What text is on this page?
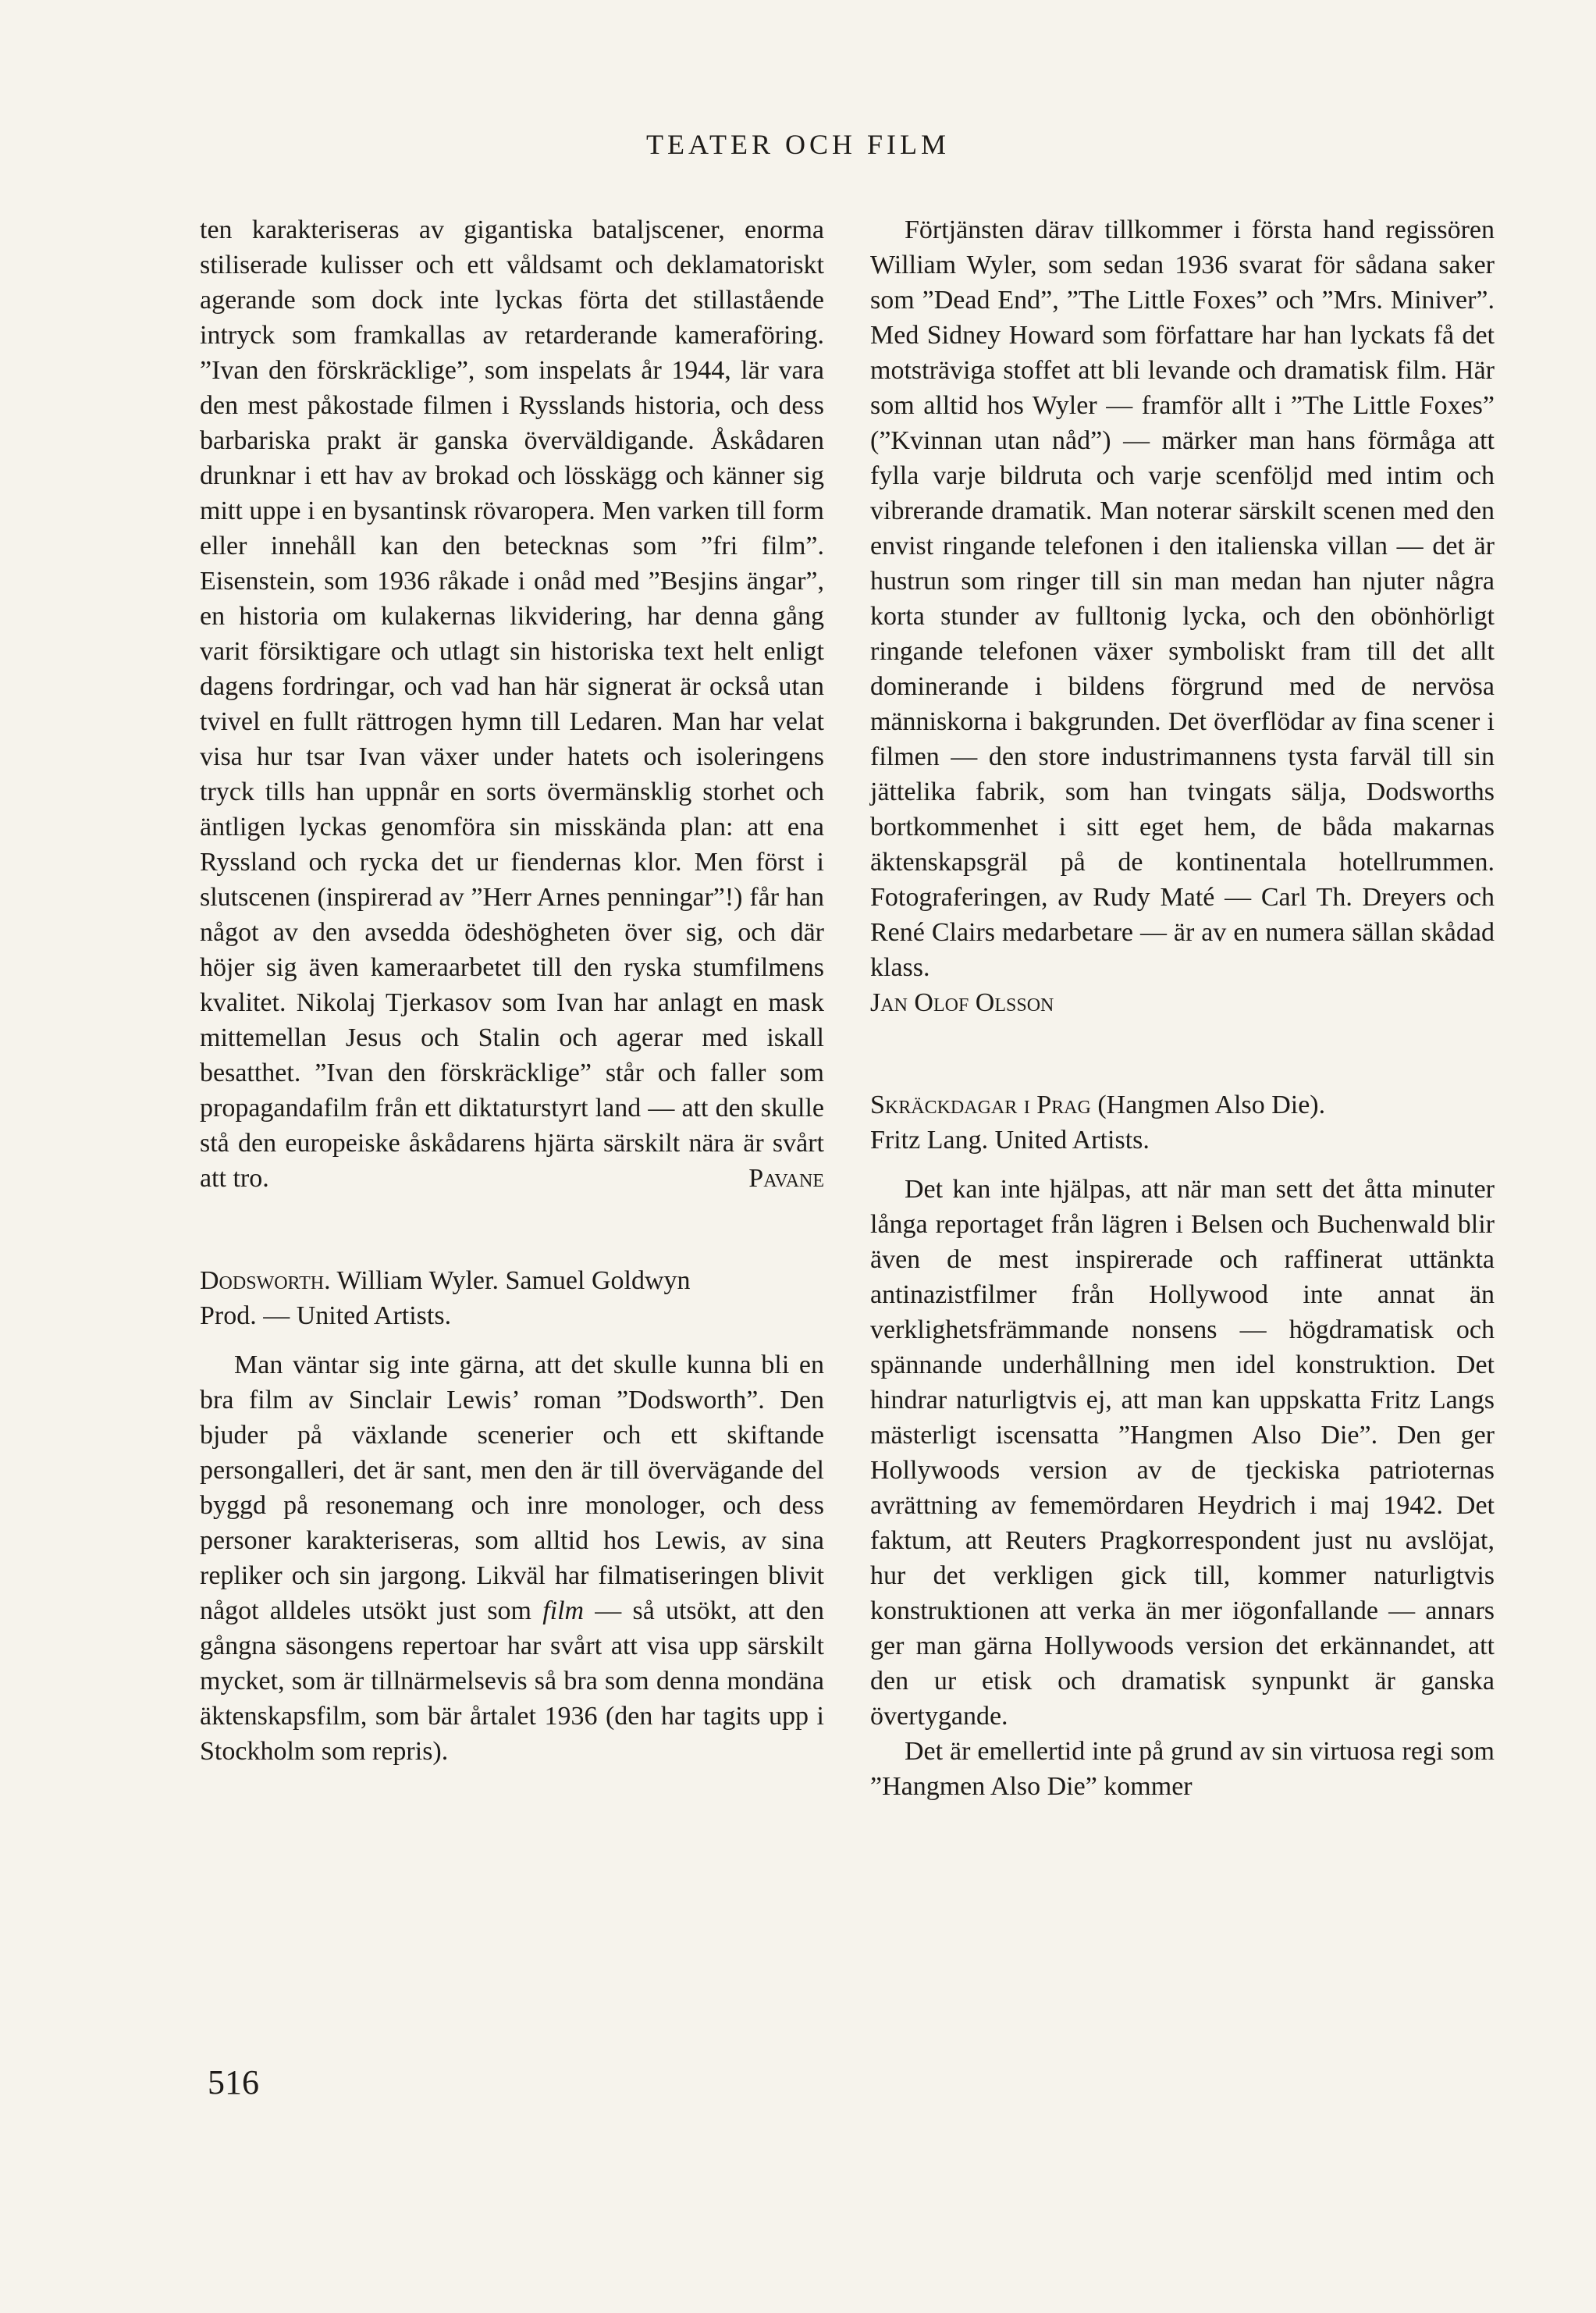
TEATER OCH FILM

ten karakteriseras av gigantiska bataljscener, enorma stiliserade kulisser och ett våldsamt och deklamatoriskt agerande som dock inte lyckas förta det stillastående intryck som framkallas av retarderande kameraföring. ”Ivan den förskräcklige”, som inspelats år 1944, lär vara den mest påkostade filmen i Rysslands historia, och dess barbariska prakt är ganska överväldigande. Åskådaren drunknar i ett hav av brokad och lösskägg och känner sig mitt uppe i en bysantinsk rövaropera. Men varken till form eller innehåll kan den betecknas som ”fri film”. Eisenstein, som 1936 råkade i onåd med ”Besjins ängar”, en historia om kulakernas likvidering, har denna gång varit försiktigare och utlagt sin historiska text helt enligt dagens fordringar, och vad han här signerat är också utan tvivel en fullt rättrogen hymn till Ledaren. Man har velat visa hur tsar Ivan växer under hatets och isoleringens tryck tills han uppnår en sorts övermänsklig storhet och äntligen lyckas genomföra sin misskända plan: att ena Ryssland och rycka det ur fiendernas klor. Men först i slutscenen (inspirerad av ”Herr Arnes penningar”!) får han något av den avsedda ödeshögheten över sig, och där höjer sig även kameraarbetet till den ryska stumfilmens kvalitet. Nikolaj Tjerkasov som Ivan har anlagt en mask mittemellan Jesus och Stalin och agerar med iskall besatthet. ”Ivan den förskräcklige” står och faller som propagandafilm från ett diktaturstyrt land — att den skulle stå den europeiske åskådarens hjärta särskilt nära är svårt att tro.	Pavane

Dodsworth. William Wyler. Samuel Goldwyn

Prod. — United Artists.

Man väntar sig inte gärna, att det skulle kunna bli en bra film av Sinclair Lewis’ roman ”Dodsworth”. Den bjuder på växlande scenerier och ett skiftande persongalleri, det är sant, men den är till övervägande del byggd på resonemang och inre monologer, och dess personer karakteriseras, som alltid hos Lewis, av sina repliker och sin jargong. Likväl har filmatiseringen blivit något alldeles utsökt just som film — så utsökt, att den gångna säsongens repertoar har svårt att visa upp särskilt mycket, som är tillnärmelsevis så bra som denna mondäna äktenskapsfilm, som bär årtalet 1936 (den har tagits upp i Stockholm som repris).

Förtjänsten därav tillkommer i första hand regissören William Wyler, som sedan 1936 svarat för sådana saker som ”Dead End”, ”The Little Foxes” och ”Mrs. Miniver”. Med Sidney Howard som författare har han lyckats få det motsträviga stoffet att bli levande och dramatisk film. Här som alltid hos Wyler — framför allt i ”The Little Foxes” (”Kvinnan utan nåd”) — märker man hans förmåga att fylla varje bildruta och varje scenföljd med intim och vibrerande dramatik. Man noterar särskilt scenen med den envist ringande telefonen i den italienska villan — det är hustrun som ringer till sin man medan han njuter några korta stunder av fulltonig lycka, och den obönhörligt ringande telefonen växer symboliskt fram till det allt dominerande i bildens förgrund med de nervösa människorna i bakgrunden. Det överflödar av fina scener i filmen — den store industrimannens tysta farväl till sin jättelika fabrik, som han tvingats sälja, Dodsworths bortkommenhet i sitt eget hem, de båda makarnas äktenskapsgräl på de kontinentala hotellrummen. Fotograferingen, av Rudy Maté — Carl Th. Dreyers och René Clairs medarbetare — är av en numera sällan skådad klass.

Jan Olof Olsson

Skräckdagar i Prag (Hangmen Also Die).

Fritz Lang. United Artists.

Det kan inte hjälpas, att när man sett det åtta minuter långa reportaget från lägren i Belsen och Buchenwald blir även de mest inspirerade och raffinerat uttänkta antinazistfilmer från Hollywood inte annat än verklighetsfrämmande nonsens — högdramatisk och spännande underhållning men idel konstruktion. Det hindrar naturligtvis ej, att man kan uppskatta Fritz Langs mästerligt iscensatta ”Hangmen Also Die”. Den ger Hollywoods version av de tjeckiska patrioternas avrättning av fememördaren Heydrich i maj 1942. Det faktum, att Reuters Pragkorrespondent just nu avslöjat, hur det verkligen gick till, kommer naturligtvis konstruktionen att verka än mer iögonfallande — annars ger man gärna Hollywoods version det erkännandet, att den ur etisk och dramatisk synpunkt är ganska övertygande.

Det är emellertid inte på grund av sin virtuosa regi som ”Hangmen Also Die” kommer

516
